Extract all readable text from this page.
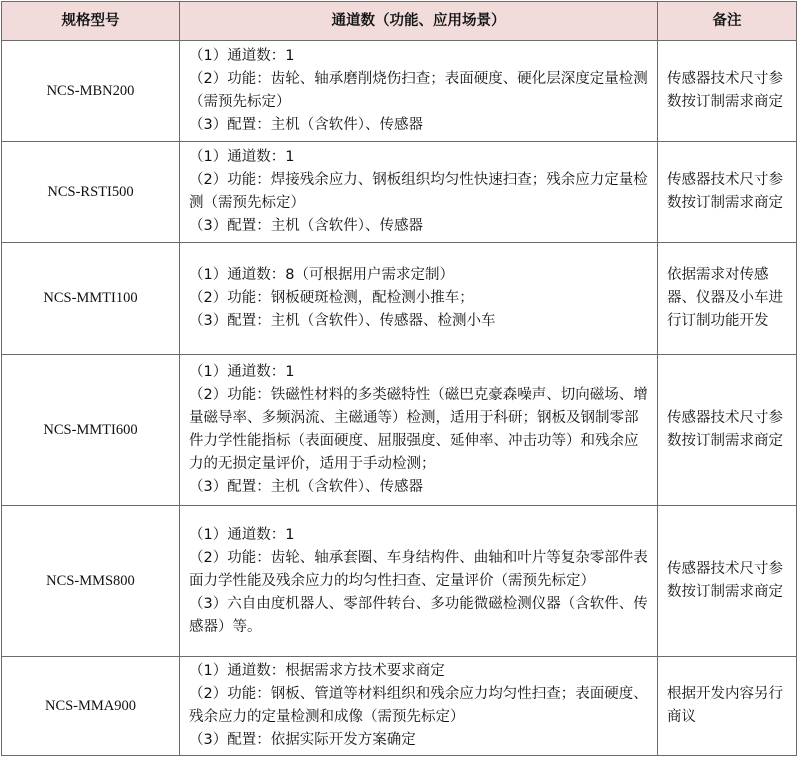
规格型号	通道数（功能、应用场景）	备注
NCS-MBN200	（1）通道数：1
（2）功能：齿轮、轴承磨削烧伤扫查；表面硬度、硬化层深度定量检测（需预先标定）
（3）配置：主机（含软件）、传感器	传感器技术尺寸参数按订制需求商定
NCS-RSTI500	（1）通道数：1
（2）功能：焊接残余应力、钢板组织均匀性快速扫查；残余应力定量检测（需预先标定）
（3）配置：主机（含软件）、传感器	传感器技术尺寸参数按订制需求商定
NCS-MMTI100	（1）通道数：8（可根据用户需求定制）
（2）功能：钢板硬斑检测，配检测小推车；
（3）配置：主机（含软件）、传感器、检测小车	依据需求对传感器、仪器及小车进行订制功能开发
NCS-MMTI600	（1）通道数：1
（2）功能：铁磁性材料的多类磁特性（磁巴克豪森噪声、切向磁场、增量磁导率、多频涡流、主磁通等）检测，适用于科研；钢板及钢制零部件力学性能指标（表面硬度、屈服强度、延伸率、冲击功等）和残余应力的无损定量评价，适用于手动检测；
（3）配置：主机（含软件）、传感器	传感器技术尺寸参数按订制需求商定
NCS-MMS800	（1）通道数：1
（2）功能：齿轮、轴承套圈、车身结构件、曲轴和叶片等复杂零部件表面力学性能及残余应力的均匀性扫查、定量评价（需预先标定）
（3）六自由度机器人、零部件转台、多功能微磁检测仪器（含软件、传感器）等。	传感器技术尺寸参数按订制需求商定
NCS-MMA900	（1）通道数：根据需求方技术要求商定
（2）功能：钢板、管道等材料组织和残余应力均匀性扫查；表面硬度、残余应力的定量检测和成像（需预先标定）
（3）配置：依据实际开发方案确定	根据开发内容另行商议
